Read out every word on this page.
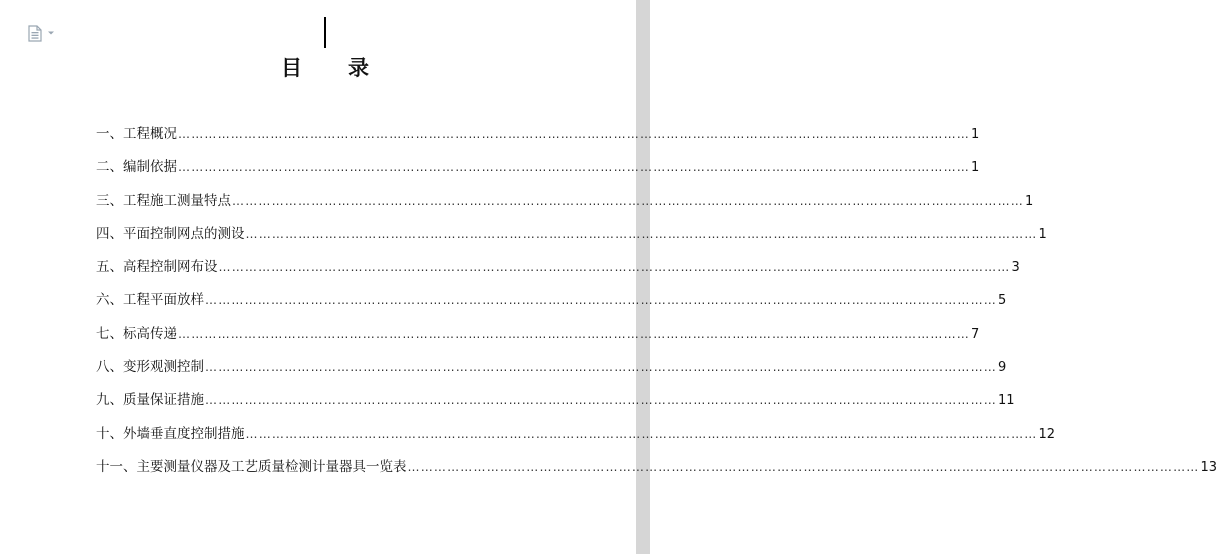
目 录
一、工程概况 ……………………………………………………………………………………………………………………………………………………………… 1
二、编制依据 ……………………………………………………………………………………………………………………………………………………………… 1
三、工程施工测量特点 ……………………………………………………………………………………………………………………………………………………………… 1
四、平面控制网点的测设 ……………………………………………………………………………………………………………………………………………………………… 1
五、高程控制网布设 ……………………………………………………………………………………………………………………………………………………………… 3
六、工程平面放样 ……………………………………………………………………………………………………………………………………………………………… 5
七、标高传递 ……………………………………………………………………………………………………………………………………………………………… 7
八、变形观测控制 ……………………………………………………………………………………………………………………………………………………………… 9
九、质量保证措施 ……………………………………………………………………………………………………………………………………………………………… 11
十、外墙垂直度控制措施 ……………………………………………………………………………………………………………………………………………………………… 12
十一、主要测量仪器及工艺质量检测计量器具一览表 ……………………………………………………………………………………………………………………………………………………………… 13
